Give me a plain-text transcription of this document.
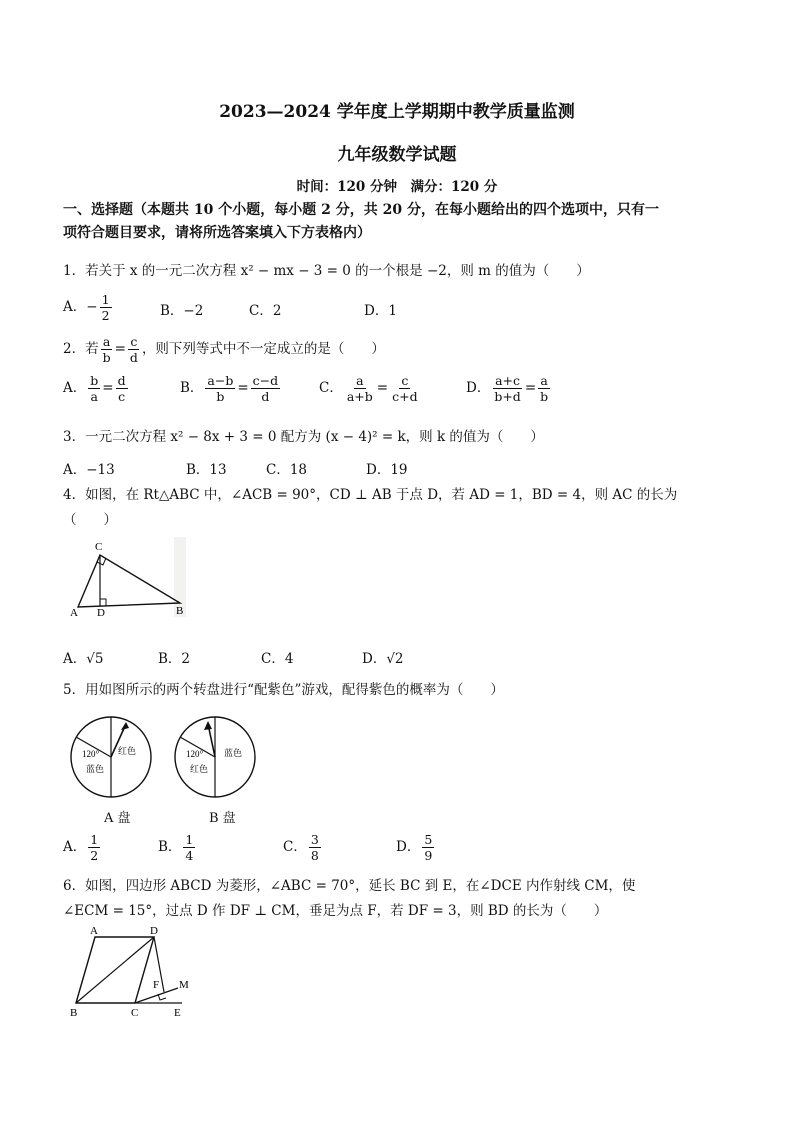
2023—2024 学年度上学期期中教学质量监测
九年级数学试题
时间：120 分钟　满分：120 分
一、选择题（本题共 10 个小题，每小题 2 分，共 20 分，在每小题给出的四个选项中，只有一
项符合题目要求，请将所选答案填入下方表格内）
1．若关于 x 的一元二次方程 x² − mx − 3 = 0 的一个根是 −2，则 m 的值为（　　）
A．− $\frac{1}{2}$	B．−2	C．2	D．1
2．若 $\frac{a}{b} = \frac{c}{d}$ ，则下列等式中不一定成立的是（　　）
A． $\frac{b}{a} = \frac{d}{c}$	B． $\frac{a-b}{b} = \frac{c-d}{d}$	C． $\frac{a}{a+b} = \frac{c}{c+d}$	D． $\frac{a+c}{b+d} = \frac{a}{b}$
3．一元二次方程 x² − 8x + 3 = 0 配方为 (x − 4)² = k，则 k 的值为（　　）
A．−13	B．13	C．18	D．19
4．如图，在 Rt△ABC 中，∠ACB = 90°，CD ⊥ AB 于点 D，若 AD = 1，BD = 4，则 AC 的长为
（　　）
C
A D	B
A．√5	B．2	C．4	D．√2
5．用如图所示的两个转盘进行“配紫色”游戏，配得紫色的概率为（　　）
120°
蓝色
红色	120°
红色
蓝色
A 盘	B 盘
A． $\frac{1}{2}$	B． $\frac{1}{4}$	C． $\frac{3}{8}$	D． $\frac{5}{9}$
6．如图，四边形 ABCD 为菱形，∠ABC = 70°，延长 BC 到 E，在∠DCE 内作射线 CM，使
∠ECM = 15°，过点 D 作 DF ⊥ CM，垂足为点 F，若 DF = 3，则 BD 的长为（　　）
A	D
B	C	E
F M
